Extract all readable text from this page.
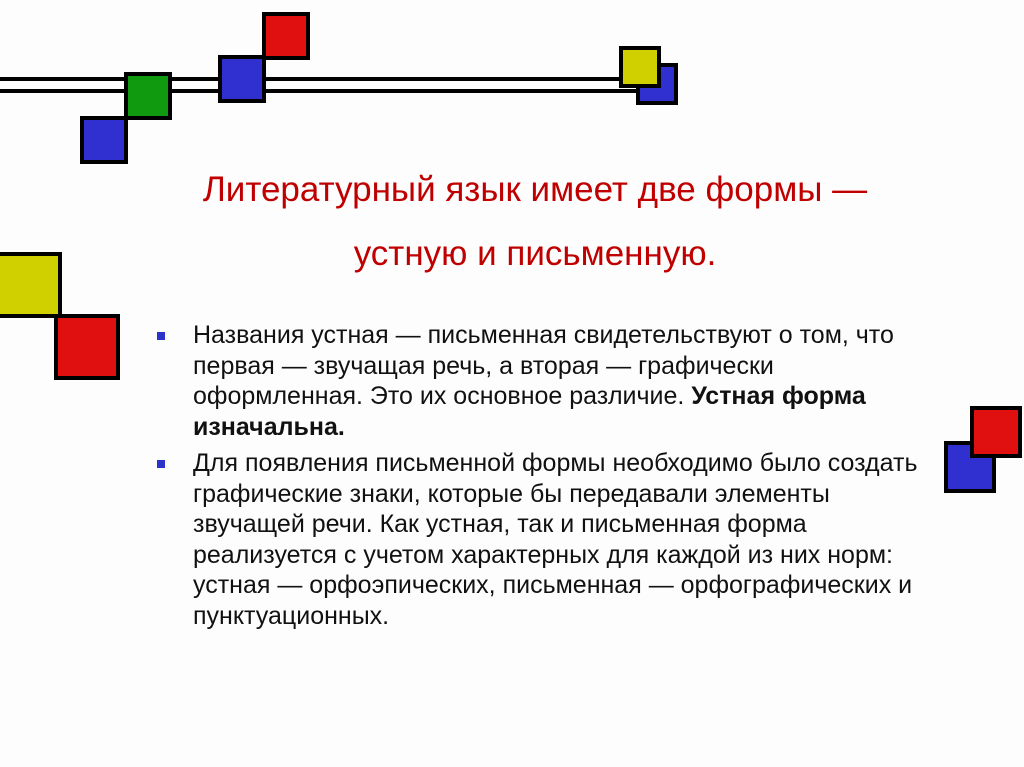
Литературный язык имеет две формы —
устную и письменную.
Названия устная — письменная свидетельствуют о том, что первая — звучащая речь, а вторая — графически оформленная. Это их основное различие. Устная форма изначальна.
Для появления письменной формы необходимо было создать графические знаки, которые бы передавали элементы звучащей речи. Как устная, так и письменная форма реализуется с учетом характерных для каждой из них норм: устная — орфоэпических, письменная — орфографических и пунктуационных.
